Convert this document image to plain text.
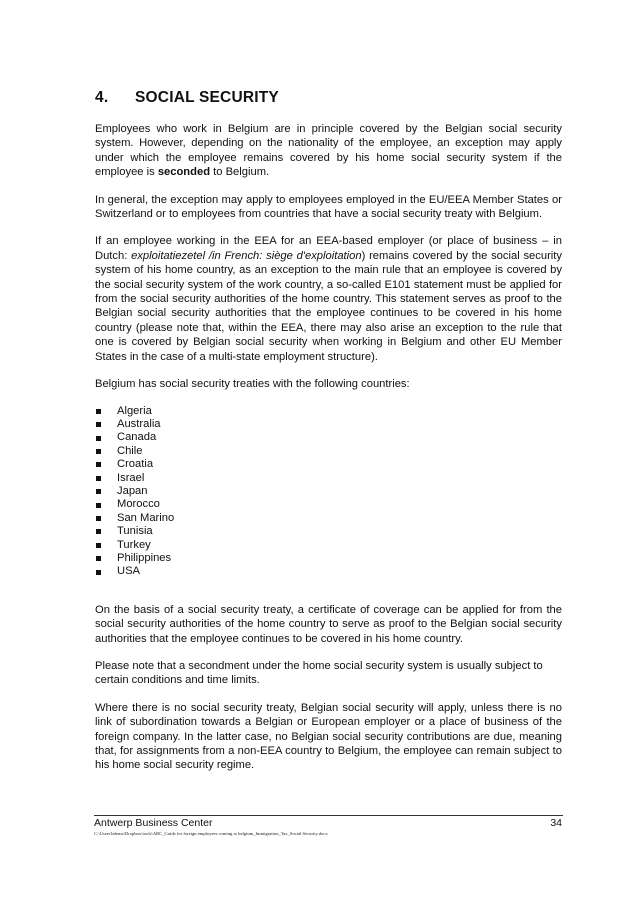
4.	SOCIAL SECURITY

Employees who work in Belgium are in principle covered by the Belgian social security system. However, depending on the nationality of the employee, an exception may apply under which the employee remains covered by his home social security system if the employee is seconded to Belgium.

In general, the exception may apply to employees employed in the EU/EEA Member States or Switzerland or to employees from countries that have a social security treaty with Belgium.

If an employee working in the EEA for an EEA-based employer (or place of business – in Dutch: exploitatiezetel /in French: siège d'exploitation) remains covered by the social security system of his home country, as an exception to the main rule that an employee is covered by the social security system of the work country, a so-called E101 statement must be applied for from the social security authorities of the home country. This statement serves as proof to the Belgian social security authorities that the employee continues to be covered in his home country (please note that, within the EEA, there may also arise an exception to the rule that one is covered by Belgian social security when working in Belgium and other EU Member States in the case of a multi-state employment structure).

Belgium has social security treaties with the following countries:

Algeria
Australia
Canada
Chile
Croatia
Israel
Japan
Morocco
San Marino
Tunisia
Turkey
Philippines
USA

On the basis of a social security treaty, a certificate of coverage can be applied for from the social security authorities of the home country to serve as proof to the Belgian social security authorities that the employee continues to be covered in his home country.

Please note that a secondment under the home social security system is usually subject to certain conditions and time limits.

Where there is no social security treaty, Belgian social security will apply, unless there is no link of subordination towards a Belgian or European employer or a place of business of the foreign company. In the latter case, no Belgian social security contributions are due, meaning that, for assignments from a non-EEA country to Belgium, the employee can remain subject to his home social security regime.

Antwerp Business Center	34
C:\Users\bdemz\Dropbox\tools\ABC_Guide for foreign employees coming to belgium_Immigration_Tax_Social Security.docx
